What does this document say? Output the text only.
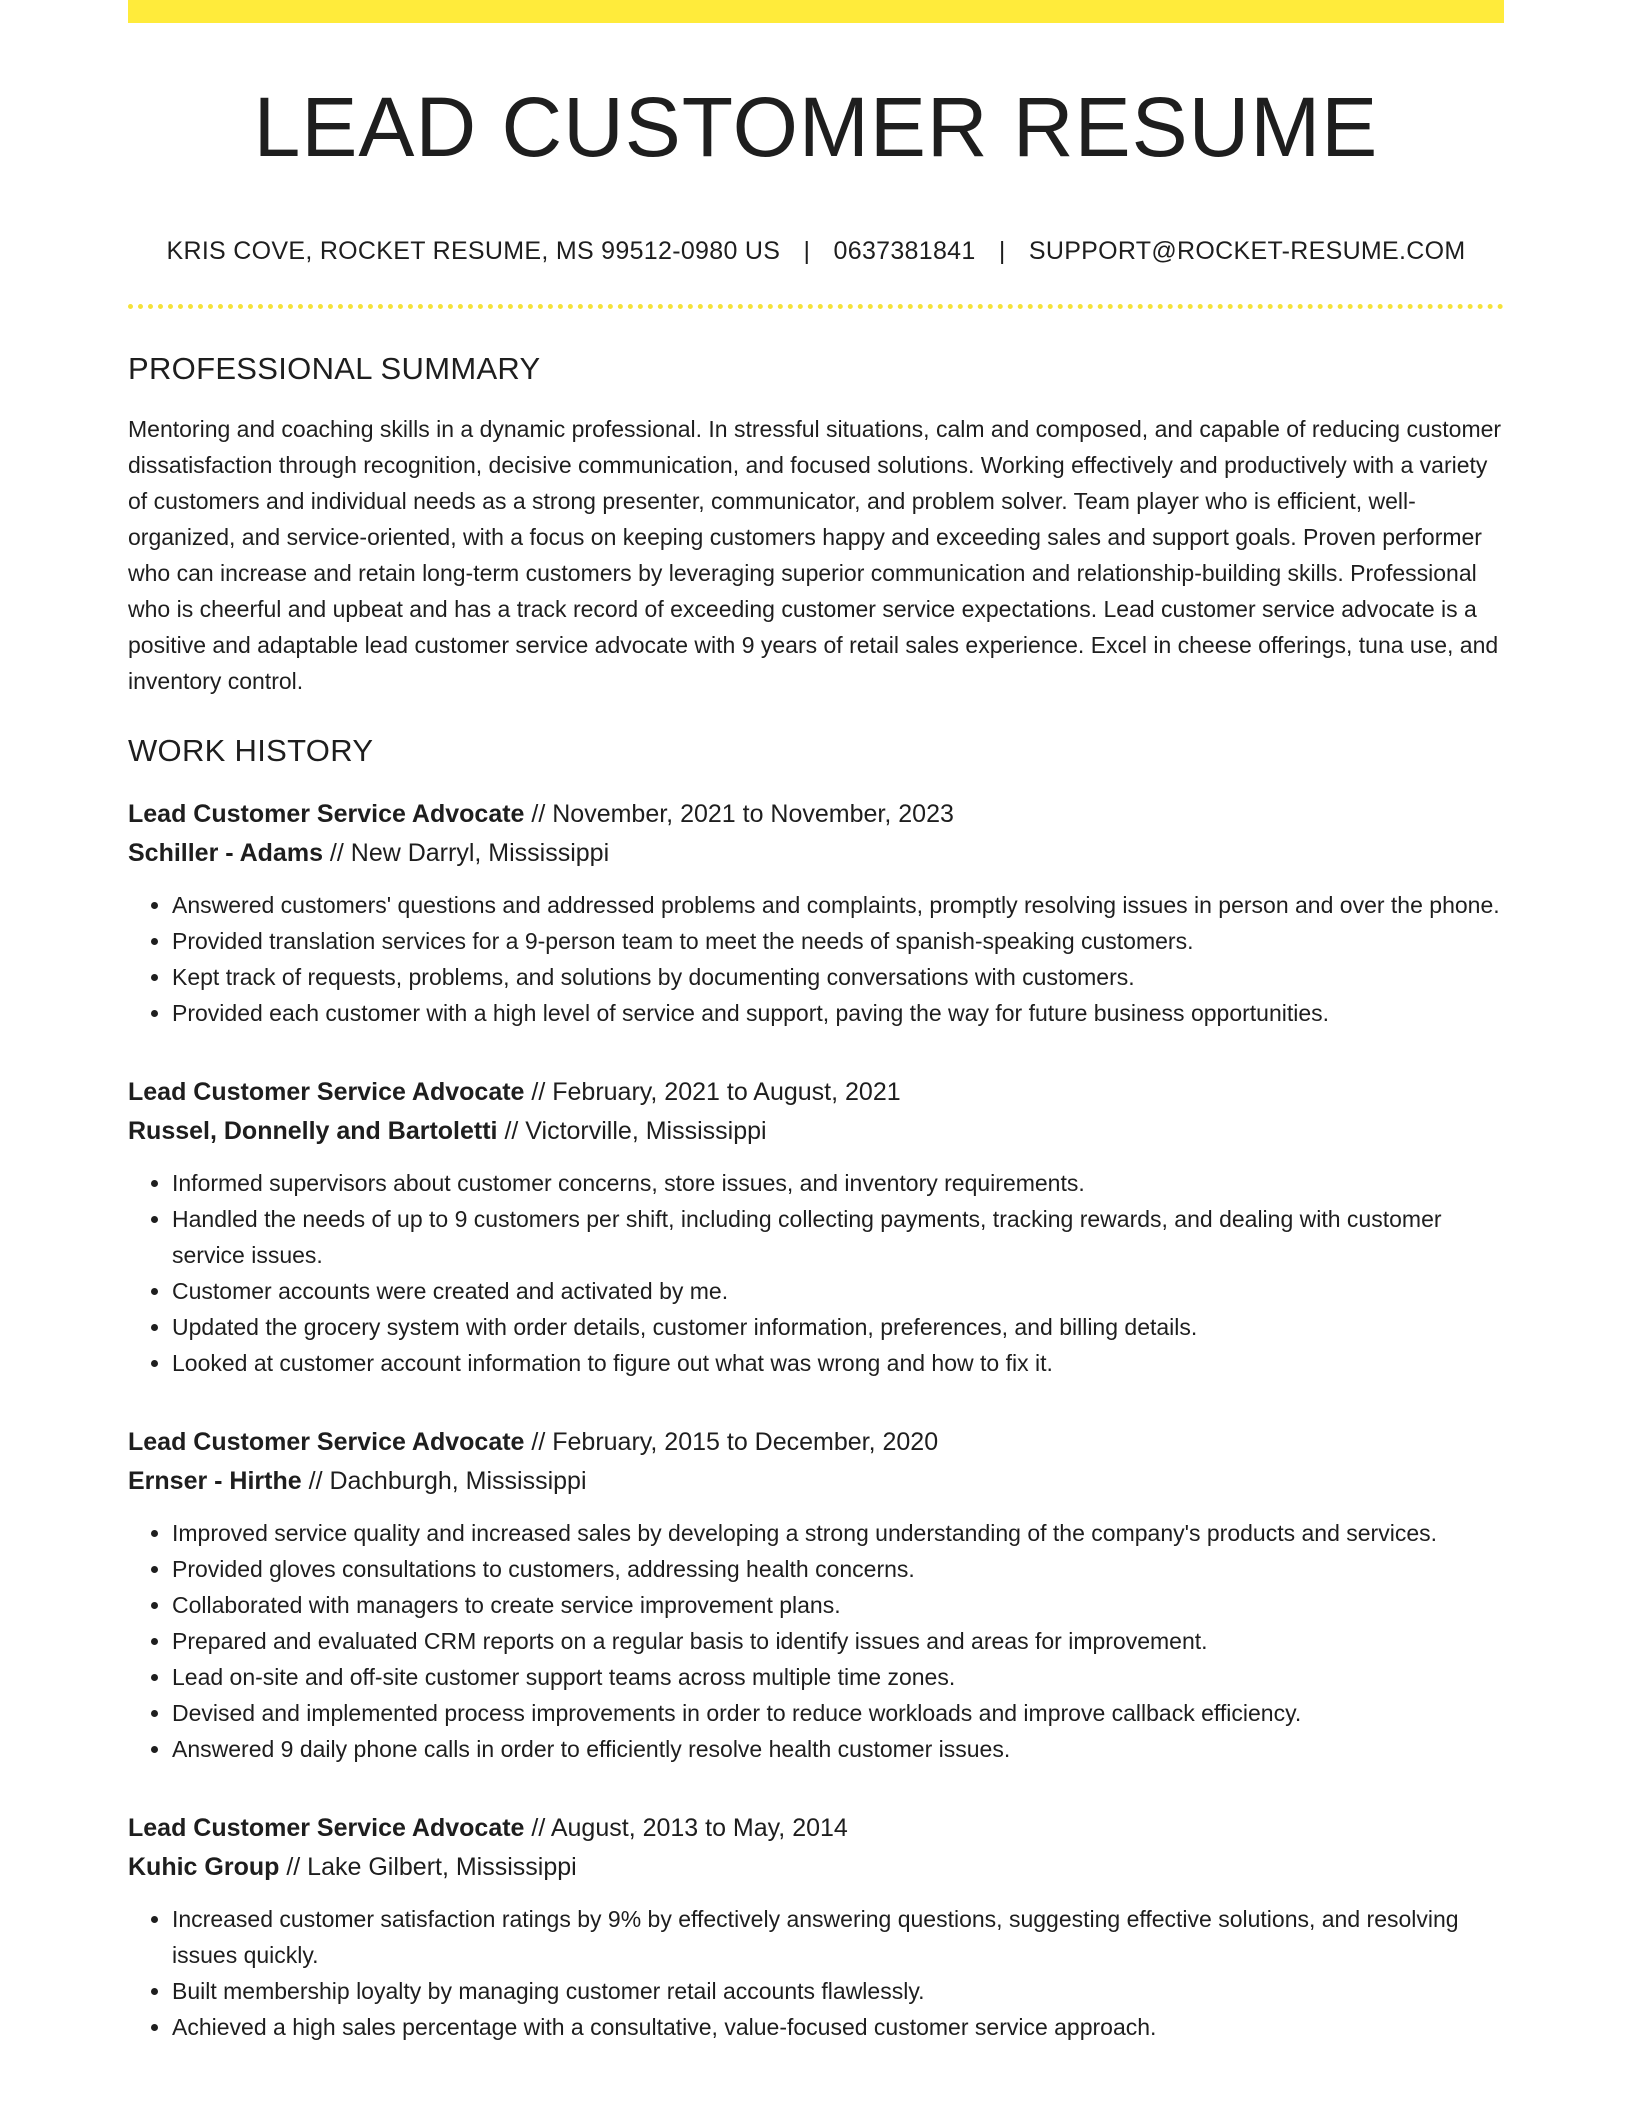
LEAD CUSTOMER RESUME
KRIS COVE, ROCKET RESUME, MS 99512-0980 US | 0637381841 | SUPPORT@ROCKET-RESUME.COM
PROFESSIONAL SUMMARY
Mentoring and coaching skills in a dynamic professional. In stressful situations, calm and composed, and capable of reducing customer dissatisfaction through recognition, decisive communication, and focused solutions. Working effectively and productively with a variety of customers and individual needs as a strong presenter, communicator, and problem solver. Team player who is efficient, well-organized, and service-oriented, with a focus on keeping customers happy and exceeding sales and support goals. Proven performer who can increase and retain long-term customers by leveraging superior communication and relationship-building skills. Professional who is cheerful and upbeat and has a track record of exceeding customer service expectations. Lead customer service advocate is a positive and adaptable lead customer service advocate with 9 years of retail sales experience. Excel in cheese offerings, tuna use, and inventory control.
WORK HISTORY
Lead Customer Service Advocate // November, 2021 to November, 2023
Schiller - Adams // New Darryl, Mississippi
• Answered customers' questions and addressed problems and complaints, promptly resolving issues in person and over the phone.
• Provided translation services for a 9-person team to meet the needs of spanish-speaking customers.
• Kept track of requests, problems, and solutions by documenting conversations with customers.
• Provided each customer with a high level of service and support, paving the way for future business opportunities.
Lead Customer Service Advocate // February, 2021 to August, 2021
Russel, Donnelly and Bartoletti // Victorville, Mississippi
• Informed supervisors about customer concerns, store issues, and inventory requirements.
• Handled the needs of up to 9 customers per shift, including collecting payments, tracking rewards, and dealing with customer service issues.
• Customer accounts were created and activated by me.
• Updated the grocery system with order details, customer information, preferences, and billing details.
• Looked at customer account information to figure out what was wrong and how to fix it.
Lead Customer Service Advocate // February, 2015 to December, 2020
Ernser - Hirthe // Dachburgh, Mississippi
• Improved service quality and increased sales by developing a strong understanding of the company's products and services.
• Provided gloves consultations to customers, addressing health concerns.
• Collaborated with managers to create service improvement plans.
• Prepared and evaluated CRM reports on a regular basis to identify issues and areas for improvement.
• Lead on-site and off-site customer support teams across multiple time zones.
• Devised and implemented process improvements in order to reduce workloads and improve callback efficiency.
• Answered 9 daily phone calls in order to efficiently resolve health customer issues.
Lead Customer Service Advocate // August, 2013 to May, 2014
Kuhic Group // Lake Gilbert, Mississippi
• Increased customer satisfaction ratings by 9% by effectively answering questions, suggesting effective solutions, and resolving issues quickly.
• Built membership loyalty by managing customer retail accounts flawlessly.
• Achieved a high sales percentage with a consultative, value-focused customer service approach.
